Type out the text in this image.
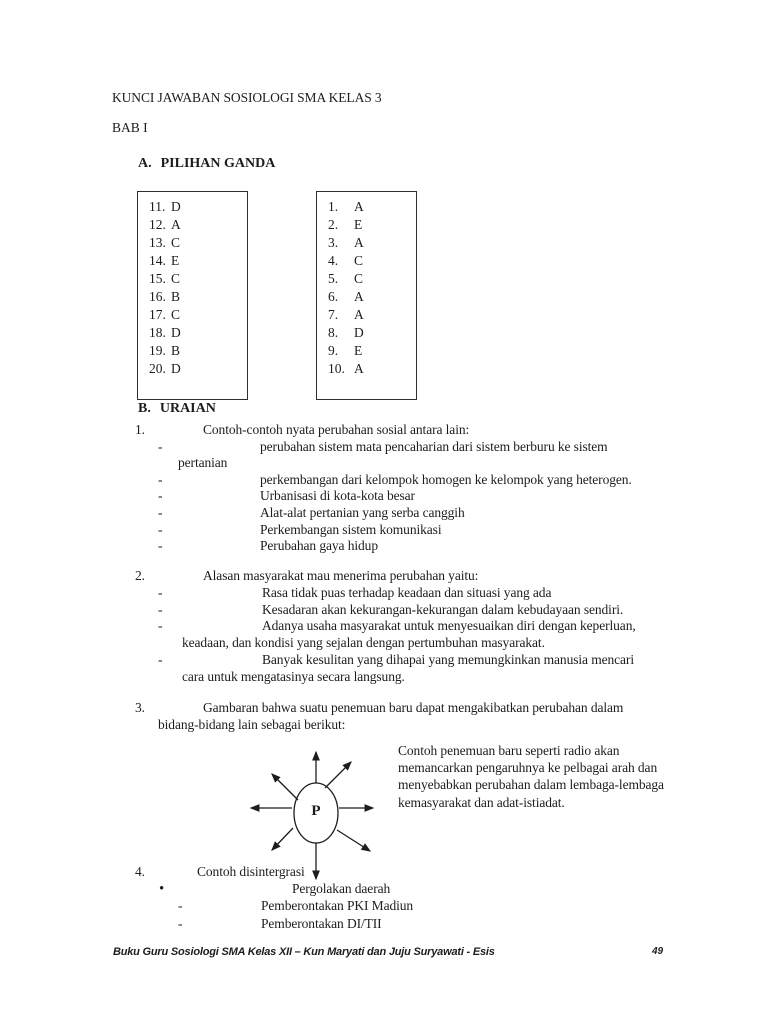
KUNCI JAWABAN SOSIOLOGI SMA KELAS 3
BAB I
A. PILIHAN GANDA
11. D
12. A
13. C
14. E
15. C
16. B
17. C
18. D
19. B
20. D
1. A
2. E
3. A
4. C
5. C
6. A
7. A
8. D
9. E
10. A
B. URAIAN
1.	Contoh-contoh nyata perubahan sosial antara lain:
-	perubahan sistem mata pencaharian dari sistem berburu ke sistem
pertanian
-	perkembangan dari kelompok homogen ke kelompok yang heterogen.
-	Urbanisasi di kota-kota besar
-	Alat-alat pertanian yang serba canggih
-	Perkembangan sistem komunikasi
-	Perubahan gaya hidup
2.	Alasan masyarakat mau menerima perubahan yaitu:
-	Rasa tidak puas terhadap keadaan dan situasi yang ada
-	Kesadaran akan kekurangan-kekurangan dalam kebudayaan sendiri.
-	Adanya usaha masyarakat untuk menyesuaikan diri dengan keperluan,
keadaan, dan kondisi yang sejalan dengan pertumbuhan masyarakat.
-	Banyak kesulitan yang dihapai yang memungkinkan manusia mencari
cara untuk mengatasinya secara langsung.
3.	Gambaran bahwa suatu penemuan baru dapat mengakibatkan perubahan dalam
bidang-bidang lain sebagai berikut:
P
Contoh penemuan baru seperti radio akan
memancarkan pengaruhnya ke pelbagai arah dan
menyebabkan perubahan dalam lembaga-lembaga
kemasyarakat dan adat-istiadat.
4.	Contoh disintergrasi
•	Pergolakan daerah
-	Pemberontakan PKI Madiun
-	Pemberontakan DI/TII
Buku Guru Sosiologi SMA Kelas XII – Kun Maryati dan Juju Suryawati - Esis	49
